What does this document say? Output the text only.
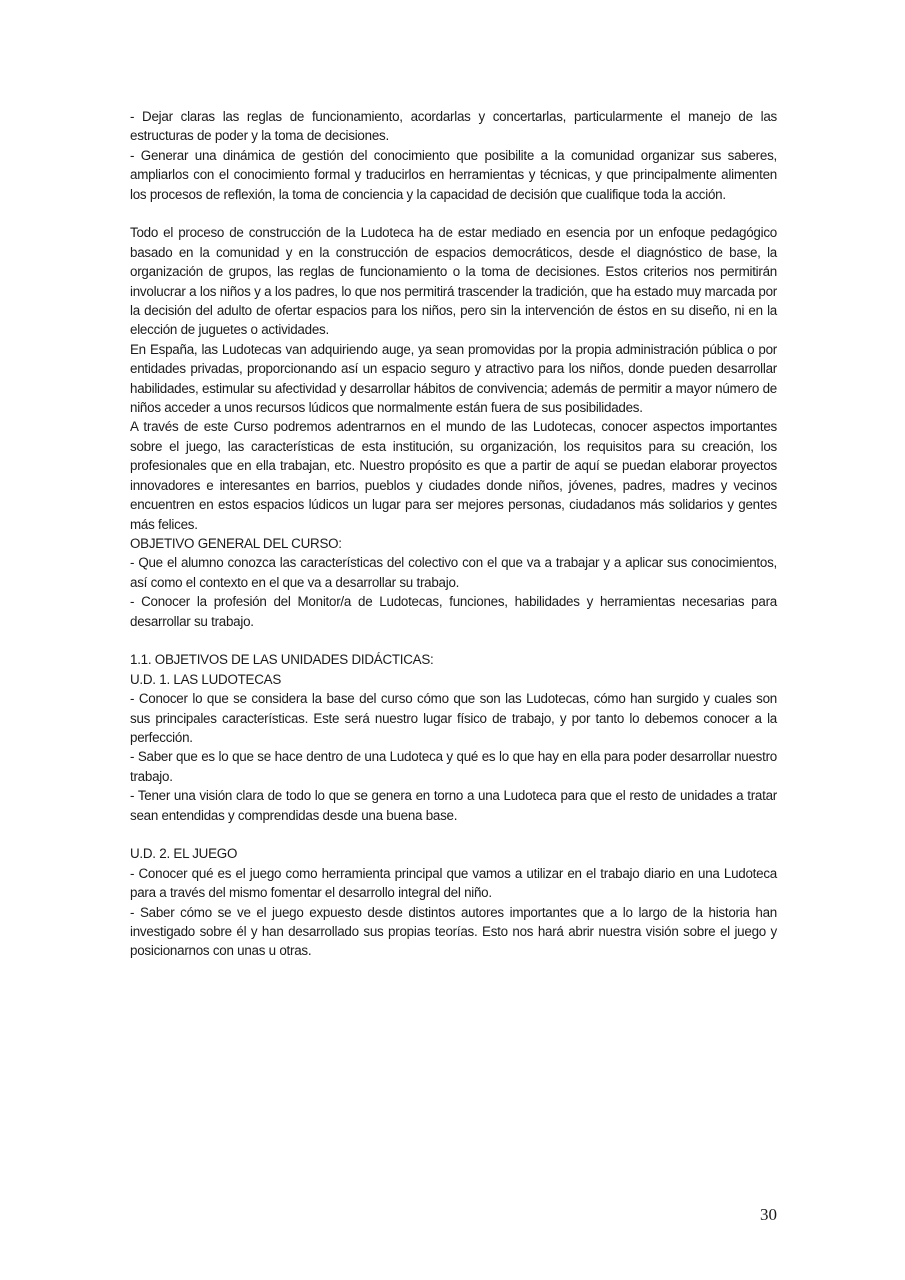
- Dejar claras las reglas de funcionamiento, acordarlas y concertarlas, particularmente el manejo de las estructuras de poder y la toma de decisiones.

- Generar una dinámica de gestión del conocimiento que posibilite a la comunidad organizar sus saberes, ampliarlos con el conocimiento formal y traducirlos en herramientas y técnicas, y que principalmente alimenten los procesos de reflexión, la toma de conciencia y la capacidad de decisión que cualifique toda la acción.

Todo el proceso de construcción de la Ludoteca ha de estar mediado en esencia por un enfoque pedagógico basado en la comunidad y en la construcción de espacios democráticos, desde el diagnóstico de base, la organización de grupos, las reglas de funcionamiento o la toma de decisiones. Estos criterios nos permitirán involucrar a los niños y a los padres, lo que nos permitirá trascender la tradición, que ha estado muy marcada por la decisión del adulto de ofertar espacios para los niños, pero sin la intervención de éstos en su diseño, ni en la elección de juguetes o actividades.

En España, las Ludotecas van adquiriendo auge, ya sean promovidas por la propia administración pública o por entidades privadas, proporcionando así un espacio seguro y atractivo para los niños, donde pueden desarrollar habilidades, estimular su afectividad y desarrollar hábitos de convivencia; además de permitir a mayor número de niños acceder a unos recursos lúdicos que normalmente están fuera de sus posibilidades.

A través de este Curso podremos adentrarnos en el mundo de las Ludotecas, conocer aspectos importantes sobre el juego, las características de esta institución, su organización, los requisitos para su creación, los profesionales que en ella trabajan, etc. Nuestro propósito es que a partir de aquí se puedan elaborar proyectos innovadores e interesantes en barrios, pueblos y ciudades donde niños, jóvenes, padres, madres y vecinos encuentren en estos espacios lúdicos un lugar para ser mejores personas, ciudadanos más solidarios y gentes más felices.

OBJETIVO GENERAL DEL CURSO:

- Que el alumno conozca las características del colectivo con el que va a trabajar y a aplicar sus conocimientos, así como el contexto en el que va a desarrollar su trabajo.

- Conocer la profesión del Monitor/a de Ludotecas, funciones, habilidades y herramientas necesarias para desarrollar su trabajo.

1.1. OBJETIVOS DE LAS UNIDADES DIDÁCTICAS:

U.D. 1. LAS LUDOTECAS

- Conocer lo que se considera la base del curso cómo que son las Ludotecas, cómo han surgido y cuales son sus principales características. Este será nuestro lugar físico de trabajo, y por tanto lo debemos conocer a la perfección.

- Saber que es lo que se hace dentro de una Ludoteca y qué es lo que hay en ella para poder desarrollar nuestro trabajo.

- Tener una visión clara de todo lo que se genera en torno a una Ludoteca para que el resto de unidades a tratar sean entendidas y comprendidas desde una buena base.

U.D. 2. EL JUEGO

- Conocer qué es el juego como herramienta principal que vamos a utilizar en el trabajo diario en una Ludoteca para a través del mismo fomentar el desarrollo integral del niño.

- Saber cómo se ve el juego expuesto desde distintos autores importantes que a lo largo de la historia han investigado sobre él y han desarrollado sus propias teorías. Esto nos hará abrir nuestra visión sobre el juego y posicionarnos con unas u otras.

30
